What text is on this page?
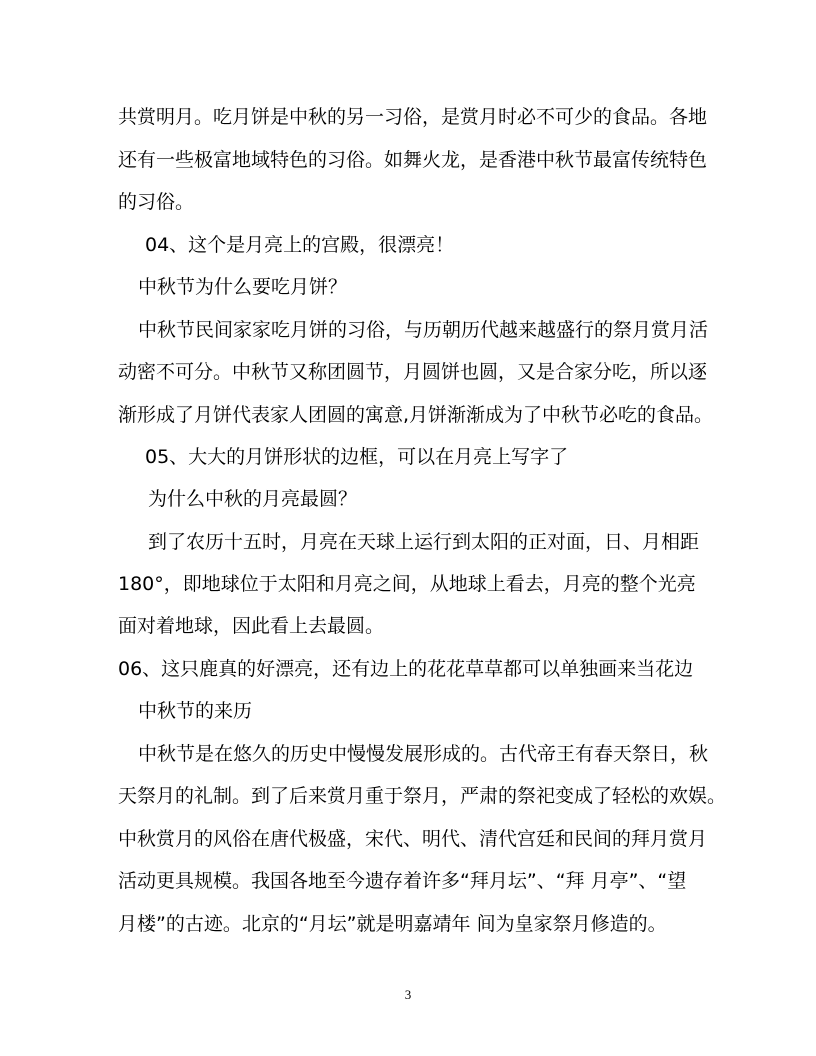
共赏明月。吃月饼是中秋的另一习俗，是赏月时必不可少的食品。各地
还有一些极富地域特色的习俗。如舞火龙，是香港中秋节最富传统特色
的习俗。
04、这个是月亮上的宫殿，很漂亮！
中秋节为什么要吃月饼？
中秋节民间家家吃月饼的习俗，与历朝历代越来越盛行的祭月赏月活
动密不可分。中秋节又称团圆节，月圆饼也圆，又是合家分吃，所以逐
渐形成了月饼代表家人团圆的寓意,月饼渐渐成为了中秋节必吃的食品。
05、大大的月饼形状的边框，可以在月亮上写字了
为什么中秋的月亮最圆？
到了农历十五时，月亮在天球上运行到太阳的正对面，日、月相距
180°，即地球位于太阳和月亮之间，从地球上看去，月亮的整个光亮
面对着地球，因此看上去最圆。
06、这只鹿真的好漂亮，还有边上的花花草草都可以单独画来当花边
中秋节的来历
中秋节是在悠久的历史中慢慢发展形成的。古代帝王有春天祭日，秋
天祭月的礼制。到了后来赏月重于祭月，严肃的祭祀变成了轻松的欢娱。
中秋赏月的风俗在唐代极盛，宋代、明代、清代宫廷和民间的拜月赏月
活动更具规模。我国各地至今遗存着许多“拜月坛”、“拜 月亭”、“望
月楼”的古迹。北京的“月坛”就是明嘉靖年 间为皇家祭月修造的。
3
